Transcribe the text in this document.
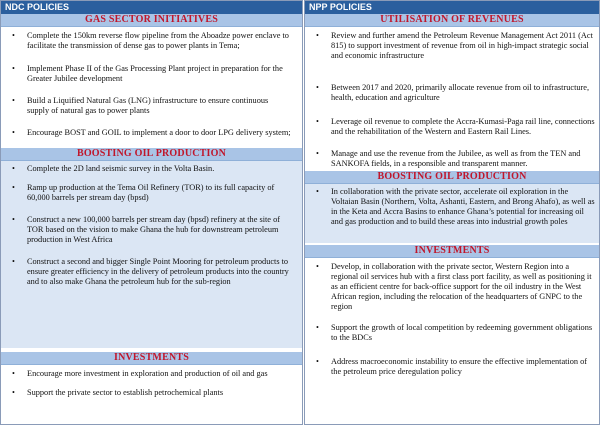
NDC POLICIES
GAS SECTOR INITIATIVES
•	Complete the 150km reverse flow pipeline from the Aboadze power enclave to facilitate the transmission of dense gas to power plants in Tema;
•	Implement Phase II of the Gas Processing Plant project in preparation for the Greater Jubilee development
•	Build a Liquified Natural Gas (LNG) infrastructure to ensure continuous supply of natural gas to power plants
•	Encourage BOST and GOIL to implement a door to door LPG delivery system;
BOOSTING OIL PRODUCTION
•	Complete the 2D land seismic survey in the Volta Basin.
•	Ramp up production at the Tema Oil Refinery (TOR) to its full capacity of 60,000 barrels per stream day (bpsd)
•	Construct a new 100,000 barrels per stream day (bpsd) refinery at the site of TOR based on the vision to make Ghana the hub for downstream petroleum production in West Africa
•	Construct a second and bigger Single Point Mooring for petroleum products to ensure greater efficiency in the delivery of petroleum products into the country and to also make Ghana the petroleum hub for the sub-region
INVESTMENTS
•	Encourage more investment in exploration and production of oil and gas
•	Support the private sector to establish petrochemical plants
NPP POLICIES
UTILISATION OF REVENUES
•	Review and further amend the Petroleum Revenue Management Act 2011 (Act 815) to support investment of revenue from oil in high-impact strategic social and economic infrastructure
•	Between 2017 and 2020, primarily allocate revenue from oil to infrastructure, health, education and agriculture
•	Leverage oil revenue to complete the Accra-Kumasi-Paga rail line, connections and the rehabilitation of the Western and Eastern Rail Lines.
•	Manage and use the revenue from the Jubilee, as well as from the TEN and SANKOFA fields, in a responsible and transparent manner.
BOOSTING OIL PRODUCTION
•	In collaboration with the private sector, accelerate oil exploration in the Voltaian Basin (Northern, Volta, Ashanti, Eastern, and Brong Ahafo), as well as in the Keta and Accra Basins to enhance Ghana’s potential for increasing oil and gas production and to build these areas into industrial growth poles
INVESTMENTS
•	Develop, in collaboration with the private sector, Western Region into a regional oil services hub with a first class port facility, as well as positioning it as an efficient centre for back-office support for the oil industry in the West African region, including the relocation of the headquarters of GNPC to the region
•	Support the growth of local competition by redeeming government obligations to the BDCs
•	Address macroeconomic instability to ensure the effective implementation of the petroleum price deregulation policy
